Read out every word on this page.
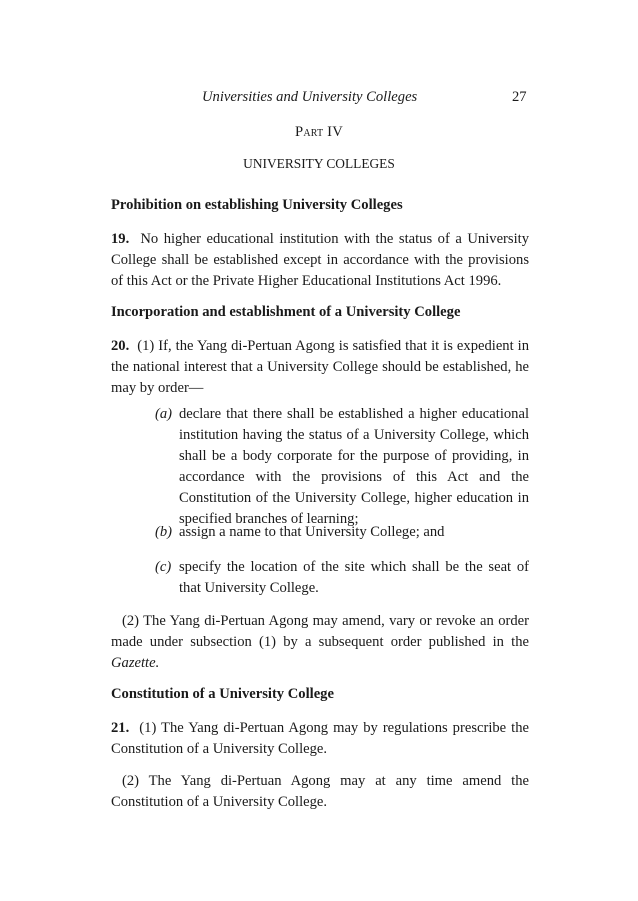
Universities and University Colleges	27
Part IV
UNIVERSITY COLLEGES
Prohibition on establishing University Colleges
19. No higher educational institution with the status of a University College shall be established except in accordance with the provisions of this Act or the Private Higher Educational Institutions Act 1996.
Incorporation and establishment of a University College
20. (1) If, the Yang di-Pertuan Agong is satisfied that it is expedient in the national interest that a University College should be established, he may by order—
(a) declare that there shall be established a higher educational institution having the status of a University College, which shall be a body corporate for the purpose of providing, in accordance with the provisions of this Act and the Constitution of the University College, higher education in specified branches of learning;
(b) assign a name to that University College; and
(c) specify the location of the site which shall be the seat of that University College.
(2) The Yang di-Pertuan Agong may amend, vary or revoke an order made under subsection (1) by a subsequent order published in the Gazette.
Constitution of a University College
21. (1) The Yang di-Pertuan Agong may by regulations prescribe the Constitution of a University College.
(2) The Yang di-Pertuan Agong may at any time amend the Constitution of a University College.
